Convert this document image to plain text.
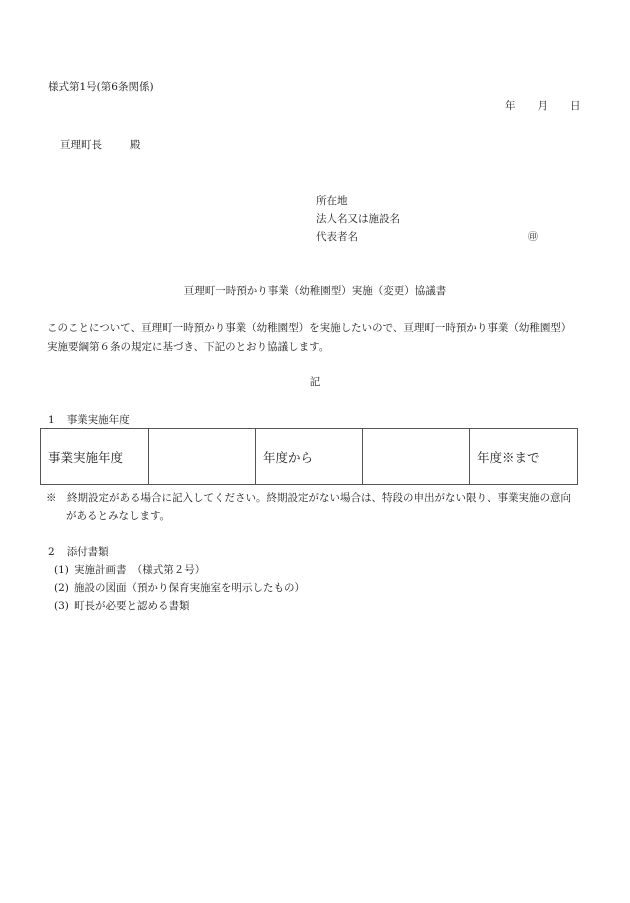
様式第1号(第6条関係)
年 月 日
亘理町長	殿
所在地
法人名又は施設名
代表者名	㊞
亘理町一時預かり事業（幼稚園型）実施（変更）協議書
このことについて、亘理町一時預かり事業（幼稚園型）を実施したいので、亘理町一時預かり事業（幼稚園型）
実施要綱第６条の規定に基づき、下記のとおり協議します。
記
1 事業実施年度
事業実施年度		年度から		年度※まで
※　 終期設定がある場合に記入してください。終期設定がない場合は、特段の申出がない限り、事業実施の意向
があるとみなします。
2 添付書類
(1) 実施計画書　（様式第２号）
(2) 施設の図面（預かり保育実施室を明示したもの）
(3) 町長が必要と認める書類
